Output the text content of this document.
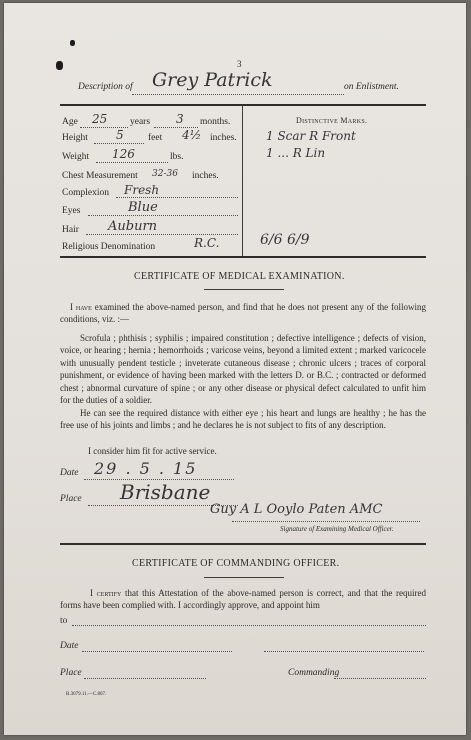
3
Description of Grey Patrick	on Enlistment.
Age 25 years 3 months.
Height 5	feet 4½ inches.
Weight 126	lbs.
Chest Measurement 32-36 inches.
Complexion Fresh
Eyes	Blue
Hair Auburn
Religious Denomination	R.C.
Distinctive Marks.
1 Scar R Front
1 ... R Lin
6/6 6/9
CERTIFICATE OF MEDICAL EXAMINATION.
I have examined the above-named person, and find that he does not present any of the following conditions, viz. :—
Scrofula ; phthisis ; syphilis ; impaired constitution ; defective intelligence ; defects of vision, voice, or hearing ; hernia ; hemorrhoids ; varicose veins, beyond a limited extent ; marked varicocele with unusually pendent testicle ; inveterate cutaneous disease ; chronic ulcers ; traces of corporal punishment, or evidence of having been marked with the letters D. or B.C. ; contracted or deformed chest ; abnormal curvature of spine ; or any other disease or physical defect calculated to unfit him for the duties of a soldier.
He can see the required distance with either eye ; his heart and lungs are healthy ; he has the free use of his joints and limbs ; and he declares he is not subject to fits of any description.
I consider him fit for active service.
Date 29 . 5 . 15
Place Brisbane
Guy A L Ooylo Paten AMC
Signature of Examining Medical Officer.
CERTIFICATE OF COMMANDING OFFICER.
I certify that this Attestation of the above-named person is correct, and that the required forms have been complied with. I accordingly approve, and appoint him
to
Date
Place	Commanding
B.3079.11.—C.807.
